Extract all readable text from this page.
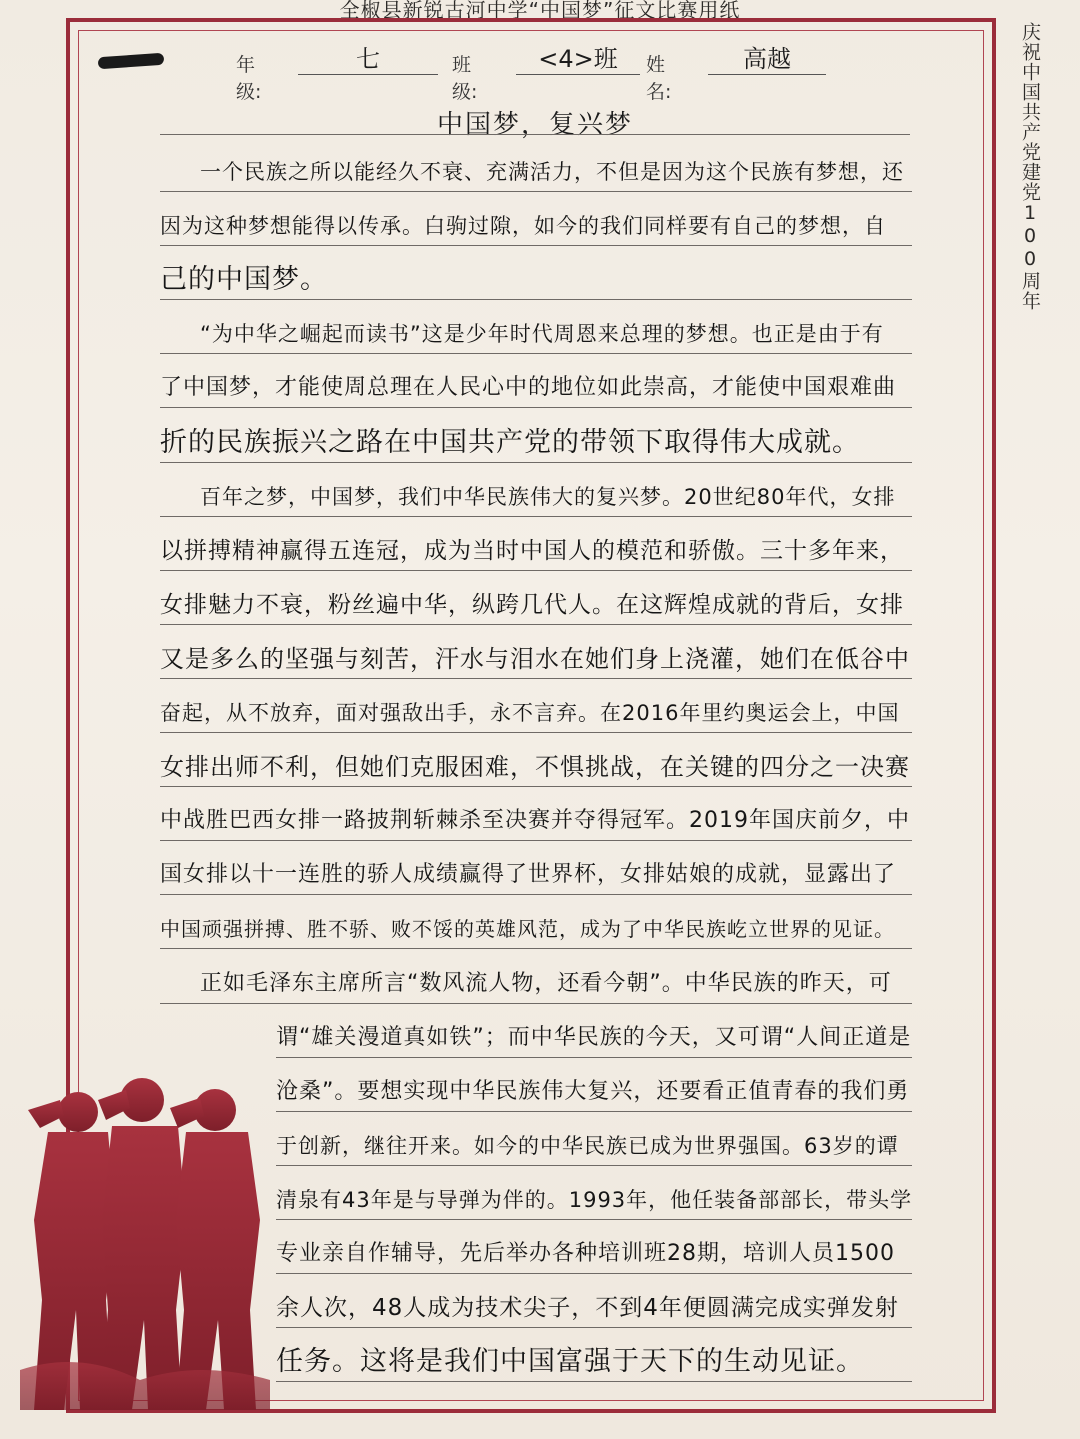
全椒县新锐古河中学“中国梦”征文比赛用纸
庆祝中国共产党建党100周年
年级:
七	班级:
<4>班	姓名:
高越
中国梦，复兴梦
一个民族之所以能经久不衰、充满活力，不但是因为这个民族有梦想，还
因为这种梦想能得以传承。白驹过隙，如今的我们同样要有自己的梦想，自
己的中国梦。
“为中华之崛起而读书”这是少年时代周恩来总理的梦想。也正是由于有
了中国梦，才能使周总理在人民心中的地位如此崇高，才能使中国艰难曲
折的民族振兴之路在中国共产党的带领下取得伟大成就。
百年之梦，中国梦，我们中华民族伟大的复兴梦。20世纪80年代，女排
以拼搏精神赢得五连冠，成为当时中国人的模范和骄傲。三十多年来，
女排魅力不衰，粉丝遍中华，纵跨几代人。在这辉煌成就的背后，女排
又是多么的坚强与刻苦，汗水与泪水在她们身上浇灌，她们在低谷中
奋起，从不放弃，面对强敌出手，永不言弃。在2016年里约奥运会上，中国
女排出师不利，但她们克服困难，不惧挑战，在关键的四分之一决赛
中战胜巴西女排一路披荆斩棘杀至决赛并夺得冠军。2019年国庆前夕，中
国女排以十一连胜的骄人成绩赢得了世界杯，女排姑娘的成就，显露出了
中国顽强拼搏、胜不骄、败不馁的英雄风范，成为了中华民族屹立世界的见证。
正如毛泽东主席所言“数风流人物，还看今朝”。中华民族的昨天，可
谓“雄关漫道真如铁”；而中华民族的今天，又可谓“人间正道是
沧桑”。要想实现中华民族伟大复兴，还要看正值青春的我们勇
于创新，继往开来。如今的中华民族已成为世界强国。63岁的谭
清泉有43年是与导弹为伴的。1993年，他任装备部部长，带头学
专业亲自作辅导，先后举办各种培训班28期，培训人员1500
余人次，48人成为技术尖子，不到4年便圆满完成实弹发射
任务。这将是我们中国富强于天下的生动见证。
